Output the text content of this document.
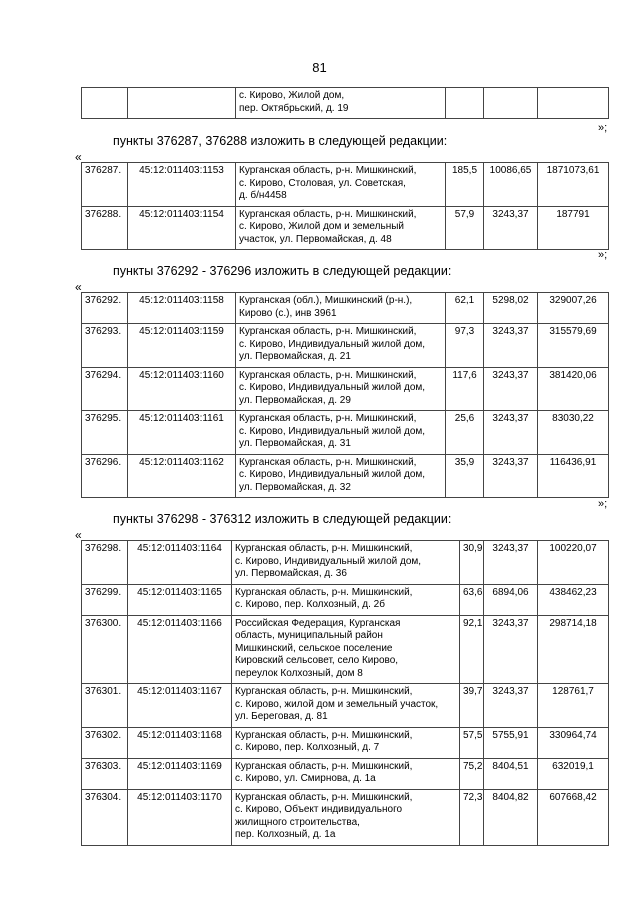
81

с. Кирово, Жилой дом,
пер. Октябрьский, д. 19

»;
пункты 376287, 376288 изложить в следующей редакции:
«
376287.	45:12:011403:1153	Курганская область, р-н. Мишкинский,
с. Кирово, Столовая, ул. Советская,
д. б/н4458	185,5	10086,65	1871073,61
376288.	45:12:011403:1154	Курганская область, р-н. Мишкинский,
с. Кирово, Жилой дом и земельный
участок, ул. Первомайская, д. 48	57,9	3243,37	187791
»;
пункты 376292 - 376296 изложить в следующей редакции:
«
376292.	45:12:011403:1158	Курганская (обл.), Мишкинский (р-н.),
Кирово (с.), инв 3961	62,1	5298,02	329007,26
376293.	45:12:011403:1159	Курганская область, р-н. Мишкинский,
с. Кирово, Индивидуальный жилой дом,
ул. Первомайская, д. 21	97,3	3243,37	315579,69
376294.	45:12:011403:1160	Курганская область, р-н. Мишкинский,
с. Кирово, Индивидуальный жилой дом,
ул. Первомайская, д. 29	117,6	3243,37	381420,06
376295.	45:12:011403:1161	Курганская область, р-н. Мишкинский,
с. Кирово, Индивидуальный жилой дом,
ул. Первомайская, д. 31	25,6	3243,37	83030,22
376296.	45:12:011403:1162	Курганская область, р-н. Мишкинский,
с. Кирово, Индивидуальный жилой дом,
ул. Первомайская, д. 32	35,9	3243,37	116436,91
»;
пункты 376298 - 376312 изложить в следующей редакции:
«
376298.	45:12:011403:1164	Курганская область, р-н. Мишкинский,
с. Кирово, Индивидуальный жилой дом,
ул. Первомайская, д. 36	30,9	3243,37	100220,07
376299.	45:12:011403:1165	Курганская область, р-н. Мишкинский,
с. Кирово, пер. Колхозный, д. 2б	63,6	6894,06	438462,23
376300.	45:12:011403:1166	Российская Федерация, Курганская
область, муниципальный район
Мишкинский, сельское поселение
Кировский сельсовет, село Кирово,
переулок Колхозный, дом 8	92,1	3243,37	298714,18
376301.	45:12:011403:1167	Курганская область, р-н. Мишкинский,
с. Кирово, жилой дом и земельный участок,
ул. Береговая, д. 81	39,7	3243,37	128761,7
376302.	45:12:011403:1168	Курганская область, р-н. Мишкинский,
с. Кирово, пер. Колхозный, д. 7	57,5	5755,91	330964,74
376303.	45:12:011403:1169	Курганская область, р-н. Мишкинский,
с. Кирово, ул. Смирнова, д. 1а	75,2	8404,51	632019,1
376304.	45:12:011403:1170	Курганская область, р-н. Мишкинский,
с. Кирово, Объект индивидуального
жилищного строительства,
пер. Колхозный, д. 1а	72,3	8404,82	607668,42
